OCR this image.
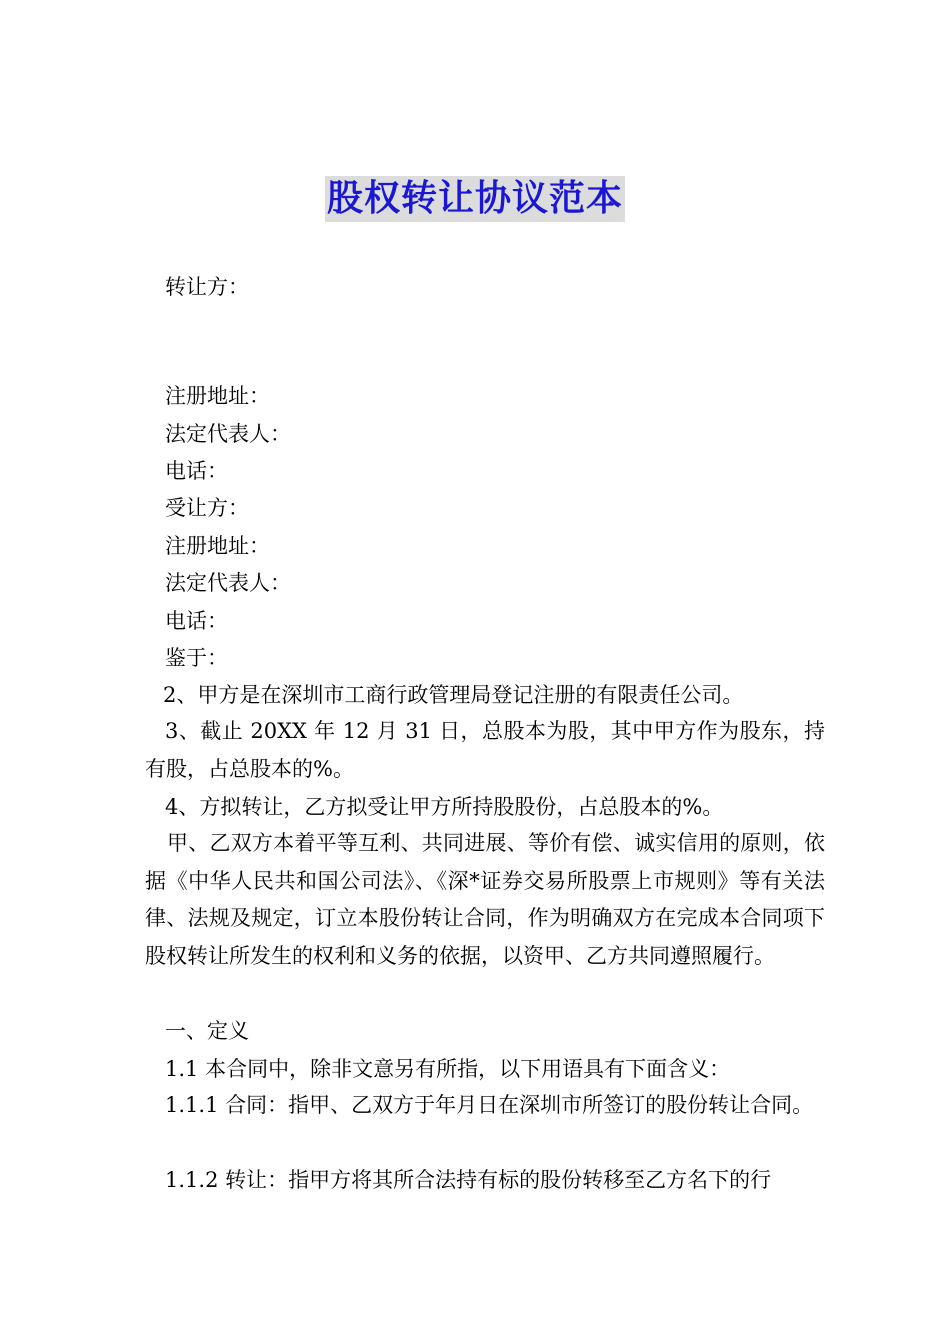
股权转让协议范本
转让方：
注册地址：
法定代表人：
电话：
受让方：
注册地址：
法定代表人：
电话：
鉴于：
2、甲方是在深圳市工商行政管理局登记注册的有限责任公司。
3、截止 20XX 年 12 月 31 日，总股本为股，其中甲方作为股东，持有股，占总股本的%。
4、方拟转让，乙方拟受让甲方所持股股份，占总股本的%。
甲、乙双方本着平等互利、共同进展、等价有偿、诚实信用的原则，依据《中华人民共和国公司法》、《深*证券交易所股票上市规则》等有关法律、法规及规定，订立本股份转让合同，作为明确双方在完成本合同项下股权转让所发生的权利和义务的依据，以资甲、乙方共同遵照履行。
一、定义
1.1 本合同中，除非文意另有所指，以下用语具有下面含义：
1.1.1 合同：指甲、乙双方于年月日在深圳市所签订的股份转让合同。
1.1.2 转让：指甲方将其所合法持有标的股份转移至乙方名下的行
